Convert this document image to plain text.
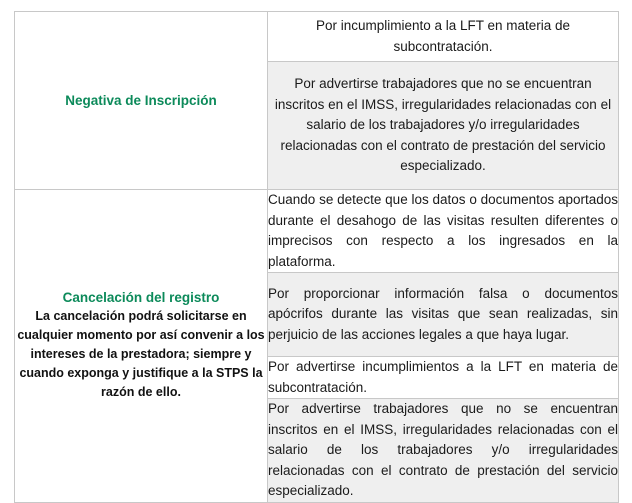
Negativa de Inscripción	Por incumplimiento a la LFT en materia de subcontratación.
	Por advertirse trabajadores que no se encuentran inscritos en el IMSS, irregularidades relacionadas con el salario de los trabajadores y/o irregularidades relacionadas con el contrato de prestación del servicio especializado.

Cancelación del registro
La cancelación podrá solicitarse en cualquier momento por así convenir a los intereses de la prestadora; siempre y cuando exponga y justifique a la STPS la razón de ello.	Cuando se detecte que los datos o documentos aportados durante el desahogo de las visitas resulten diferentes o imprecisos con respecto a los ingresados en la plataforma.
	Por proporcionar información falsa o documentos apócrifos durante las visitas que sean realizadas, sin perjuicio de las acciones legales a que haya lugar.
	Por advertirse incumplimientos a la LFT en materia de subcontratación.
	Por advertirse trabajadores que no se encuentran inscritos en el IMSS, irregularidades relacionadas con el salario de los trabajadores y/o irregularidades relacionadas con el contrato de prestación del servicio especializado.
